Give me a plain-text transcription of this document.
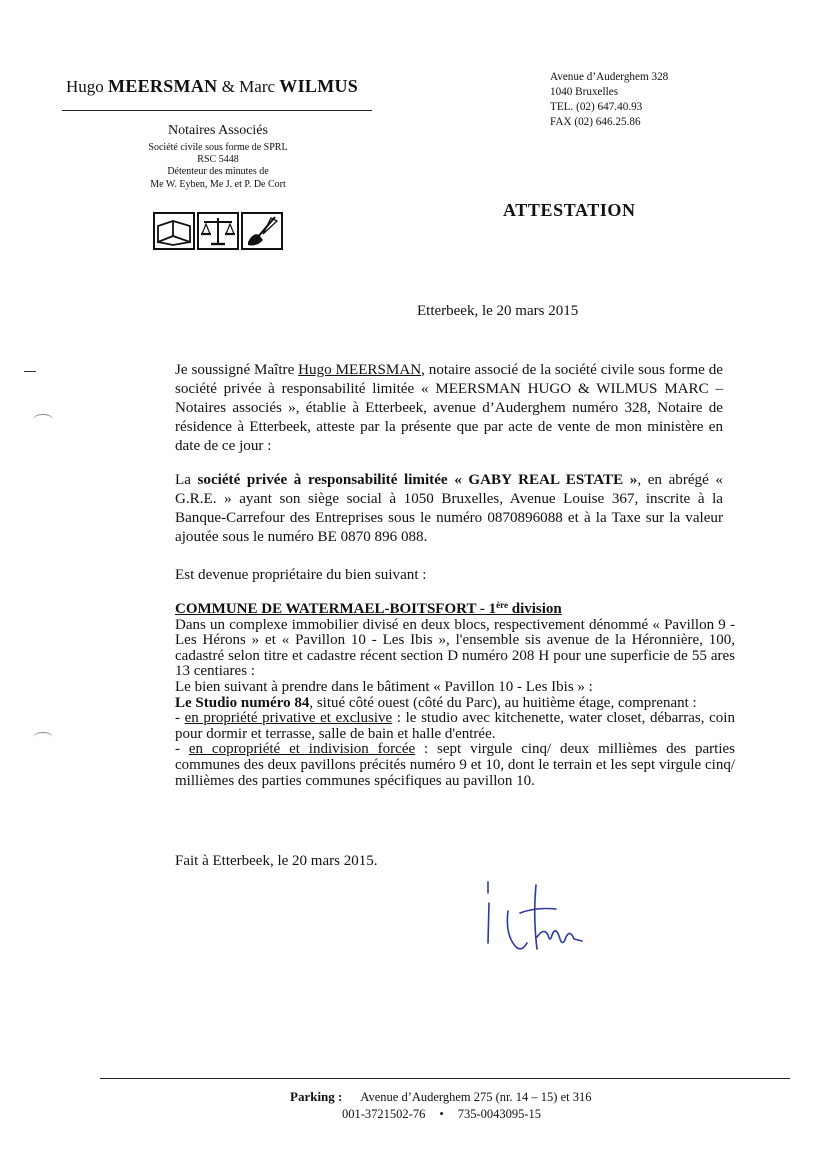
Hugo MEERSMAN & Marc WILMUS
Notaires Associés
Société civile sous forme de SPRL
RSC 5448
Détenteur des minutes de
Me W. Eyben, Me J. et P. De Cort
Avenue d’Auderghem 328
1040 Bruxelles
TEL. (02) 647.40.93
FAX (02) 646.25.86
ATTESTATION
Etterbeek, le 20 mars 2015
Je soussigné Maître Hugo MEERSMAN, notaire associé de la société civile sous forme de société privée à responsabilité limitée « MEERSMAN HUGO & WILMUS MARC – Notaires associés », établie à Etterbeek, avenue d’Auderghem numéro 328, Notaire de résidence à Etterbeek, atteste par la présente que par acte de vente de mon ministère en date de ce jour :
La société privée à responsabilité limitée « GABY REAL ESTATE », en abrégé « G.R.E. » ayant son siège social à 1050 Bruxelles, Avenue Louise 367, inscrite à la Banque-Carrefour des Entreprises sous le numéro 0870896088 et à la Taxe sur la valeur ajoutée sous le numéro BE 0870 896 088.
Est devenue propriétaire du bien suivant :

COMMUNE DE WATERMAEL-BOITSFORT - 1ère division

Dans un complexe immobilier divisé en deux blocs, respectivement dénommé « Pavillon 9 - Les Hérons » et « Pavillon 10 - Les Ibis », l'ensemble sis avenue de la Héronnière, 100, cadastré selon titre et cadastre récent section D numéro 208 H pour une superficie de 55 ares 13 centiares :

Le bien suivant à prendre dans le bâtiment « Pavillon 10 - Les Ibis » :

Le Studio numéro 84, situé côté ouest (côté du Parc), au huitième étage, comprenant :

- en propriété privative et exclusive : le studio avec kitchenette, water closet, débarras, coin pour dormir et terrasse, salle de bain et halle d'entrée.

- en copropriété et indivision forcée : sept virgule cinq/ deux millièmes des parties communes des deux pavillons précités numéro 9 et 10, dont le terrain et les sept virgule cinq/ millièmes des parties communes spécifiques au pavillon 10.

Fait à Etterbeek, le 20 mars 2015.
Parking : Avenue d’Auderghem 275 (nr. 14 – 15) et 316
001-3721502-76 • 735-0043095-15
